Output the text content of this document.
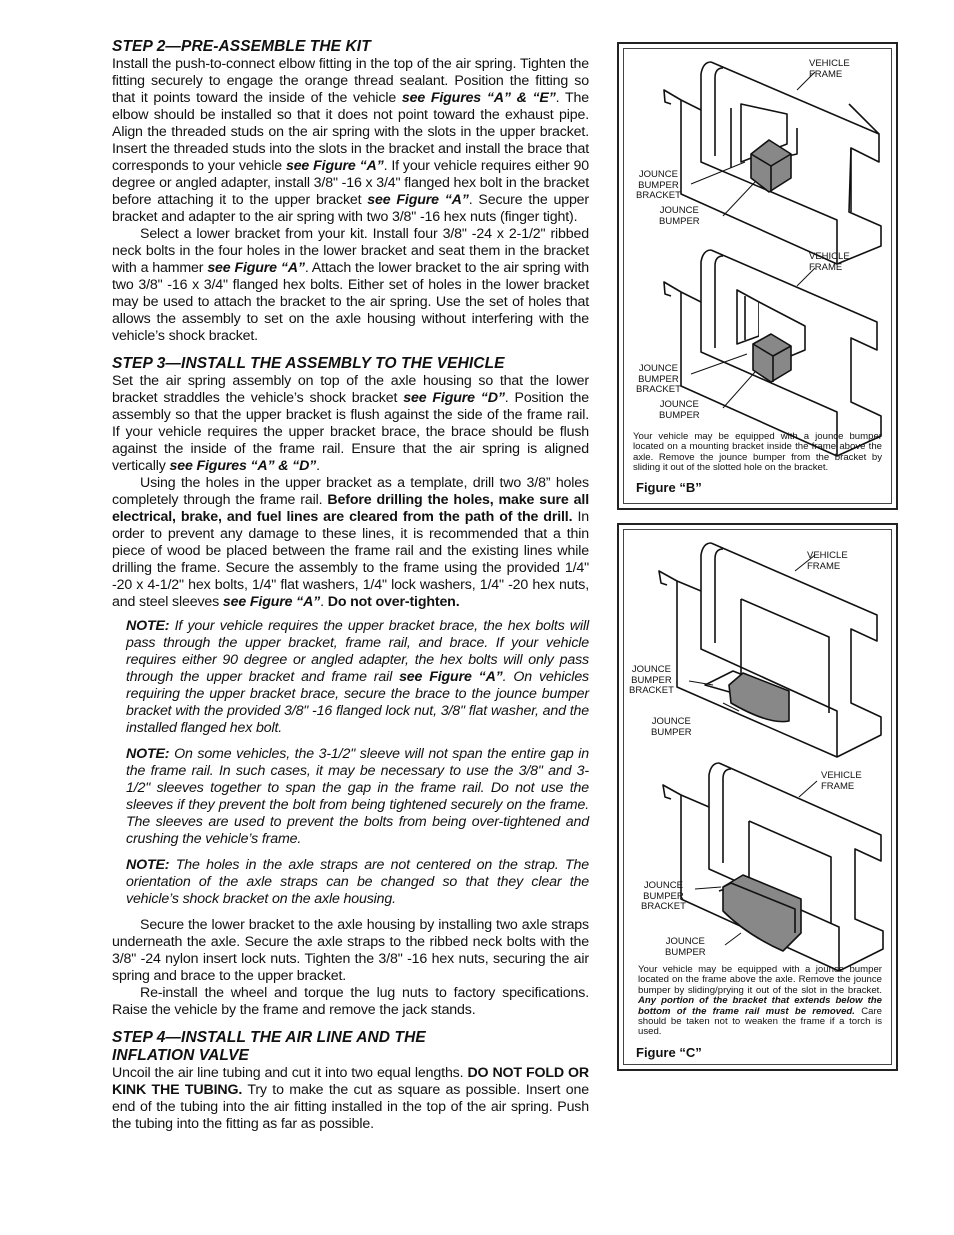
STEP 2—PRE-ASSEMBLE THE KIT

Install the push-to-connect elbow fitting in the top of the air spring. Tighten the fitting securely to engage the orange thread sealant. Position the fitting so that it points toward the inside of the vehicle see Figures “A” & “E”. The elbow should be installed so that it does not point toward the exhaust pipe. Align the threaded studs on the air spring with the slots in the upper bracket. Insert the threaded studs into the slots in the bracket and install the brace that corresponds to your vehicle see Figure “A”. If your vehicle requires either 90 degree or angled adapter, install 3/8" -16 x 3/4" flanged hex bolt in the bracket before attaching it to the upper bracket see Figure “A”. Secure the upper bracket and adapter to the air spring with two 3/8" -16 hex nuts (finger tight).

Select a lower bracket from your kit. Install four 3/8" -24 x 2-1/2" ribbed neck bolts in the four holes in the lower bracket and seat them in the bracket with a hammer see Figure “A”. Attach the lower bracket to the air spring with two 3/8" -16 x 3/4" flanged hex bolts. Either set of holes in the lower bracket may be used to attach the bracket to the air spring. Use the set of holes that allows the assembly to set on the axle housing without interfering with the vehicle’s shock bracket.

STEP 3—INSTALL THE ASSEMBLY TO THE VEHICLE

Set the air spring assembly on top of the axle housing so that the lower bracket straddles the vehicle’s shock bracket see Figure “D”. Position the assembly so that the upper bracket is flush against the side of the frame rail. If your vehicle requires the upper bracket brace, the brace should be flush against the inside of the frame rail. Ensure that the air spring is aligned vertically see Figures “A” & “D”.

Using the holes in the upper bracket as a template, drill two 3/8” holes completely through the frame rail. Before drilling the holes, make sure all electrical, brake, and fuel lines are cleared from the path of the drill. In order to prevent any damage to these lines, it is recommended that a thin piece of wood be placed between the frame rail and the existing lines while drilling the frame. Secure the assembly to the frame using the provided 1/4" -20 x 4-1/2" hex bolts, 1/4" flat washers, 1/4" lock washers, 1/4" -20 hex nuts, and steel sleeves see Figure “A”. Do not over-tighten.

NOTE: If your vehicle requires the upper bracket brace, the hex bolts will pass through the upper bracket, frame rail, and brace. If your vehicle requires either 90 degree or angled adapter, the hex bolts will only pass through the upper bracket and frame rail see Figure “A”. On vehicles requiring the upper bracket brace, secure the brace to the jounce bumper bracket with the provided 3/8" -16 flanged lock nut, 3/8" flat washer, and the installed flanged hex bolt.

NOTE: On some vehicles, the 3-1/2" sleeve will not span the entire gap in the frame rail. In such cases, it may be necessary to use the 3/8" and 3-1/2" sleeves together to span the gap in the frame rail. Do not use the sleeves if they prevent the bolt from being tightened securely on the frame. The sleeves are used to prevent the bolts from being over-tightened and crushing the vehicle’s frame.

NOTE: The holes in the axle straps are not centered on the strap. The orientation of the axle straps can be changed so that they clear the vehicle’s shock bracket on the axle housing.

Secure the lower bracket to the axle housing by installing two axle straps underneath the axle. Secure the axle straps to the ribbed neck bolts with the 3/8" -24 nylon insert lock nuts. Tighten the 3/8" -16 hex nuts, securing the air spring and brace to the upper bracket.

Re-install the wheel and torque the lug nuts to factory specifications. Raise the vehicle by the frame and remove the jack stands.

STEP 4—INSTALL THE AIR LINE AND THE
INFLATION VALVE

Uncoil the air line tubing and cut it into two equal lengths. DO NOT FOLD OR KINK THE TUBING. Try to make the cut as square as possible. Insert one end of the tubing into the air fitting installed in the top of the air spring. Push the tubing into the fitting as far as possible.

VEHICLE
FRAME
JOUNCE
BUMPER
BRACKET
JOUNCE
BUMPER
VEHICLE
FRAME
JOUNCE
BUMPER
BRACKET
JOUNCE
BUMPER
Your vehicle may be equipped with a jounce bumper located on a mounting bracket inside the frame above the axle. Remove the jounce bumper from the bracket by sliding it out of the slotted hole on the bracket.
Figure “B”
VEHICLE
FRAME
JOUNCE
BUMPER
BRACKET
JOUNCE
BUMPER
VEHICLE
FRAME
JOUNCE
BUMPER
BRACKET
JOUNCE
BUMPER
Your vehicle may be equipped with a jounce bumper located on the frame above the axle. Remove the jounce bumper by sliding/prying it out of the slot in the bracket. Any portion of the bracket that extends below the bottom of the frame rail must be removed. Care should be taken not to weaken the frame if a torch is used.
Figure “C”
